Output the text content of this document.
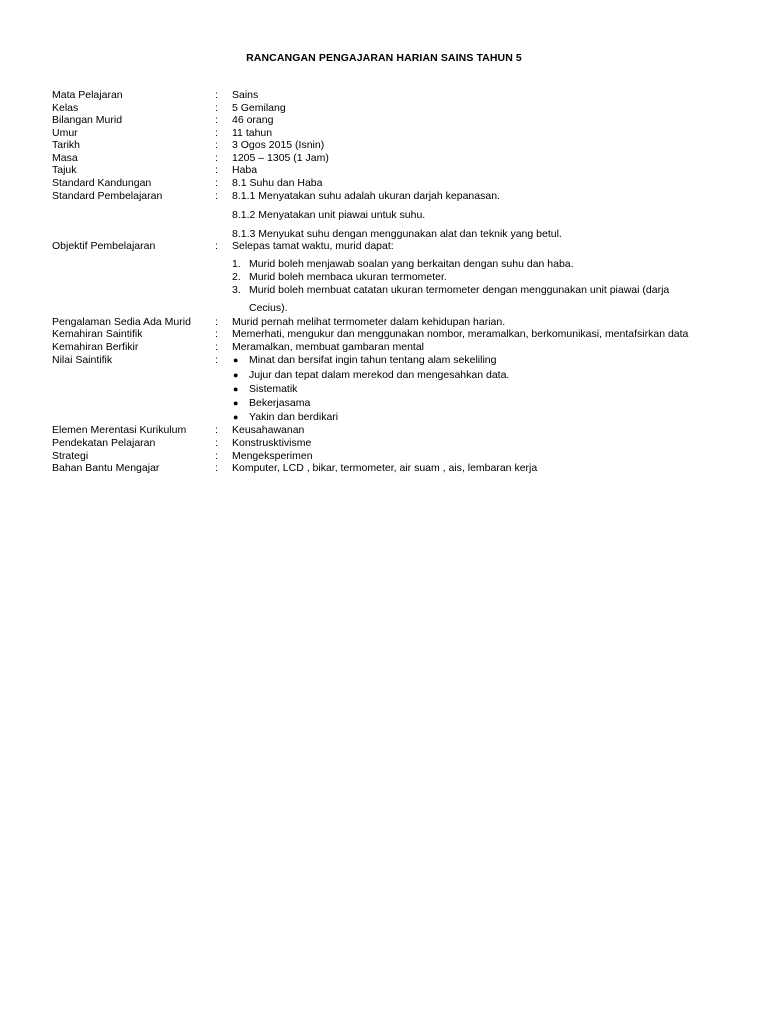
RANCANGAN PENGAJARAN HARIAN SAINS TAHUN 5
Mata Pelajaran	: Sains
Kelas	: 5 Gemilang
Bilangan Murid	: 46 orang
Umur	: 11 tahun
Tarikh	: 3 Ogos 2015 (Isnin)
Masa	: 1205 – 1305 (1 Jam)
Tajuk	: Haba
Standard Kandungan	: 8.1 Suhu dan Haba
Standard Pembelajaran	: 8.1.1 Menyatakan suhu adalah ukuran darjah kepanasan.
8.1.2 Menyatakan unit piawai untuk suhu.
8.1.3 Menyukat suhu dengan menggunakan alat dan teknik yang betul.
Objektif Pembelajaran	: Selepas tamat waktu, murid dapat:
1. Murid boleh menjawab soalan yang berkaitan dengan suhu dan haba.
2. Murid boleh membaca ukuran termometer.
3. Murid boleh membuat catatan ukuran termometer dengan menggunakan unit piawai (darja
Cecius).
Pengalaman Sedia Ada Murid : Murid pernah melihat termometer dalam kehidupan harian.
Kemahiran Saintifik	: Memerhati, mengukur dan menggunakan nombor, meramalkan, berkomunikasi, mentafsirkan data
Kemahiran Berfikir	: Meramalkan, membuat gambaran mental
Nilai Saintifik	: ● Minat dan bersifat ingin tahun tentang alam sekeliling
● Jujur dan tepat dalam merekod dan mengesahkan data.
● Sistematik
● Bekerjasama
● Yakin dan berdikari
Elemen Merentasi Kurikulum	: Keusahawanan
Pendekatan Pelajaran	: Konstrusktivisme
Strategi	: Mengeksperimen
Bahan Bantu Mengajar	: Komputer, LCD , bikar, termometer, air suam , ais, lembaran kerja
